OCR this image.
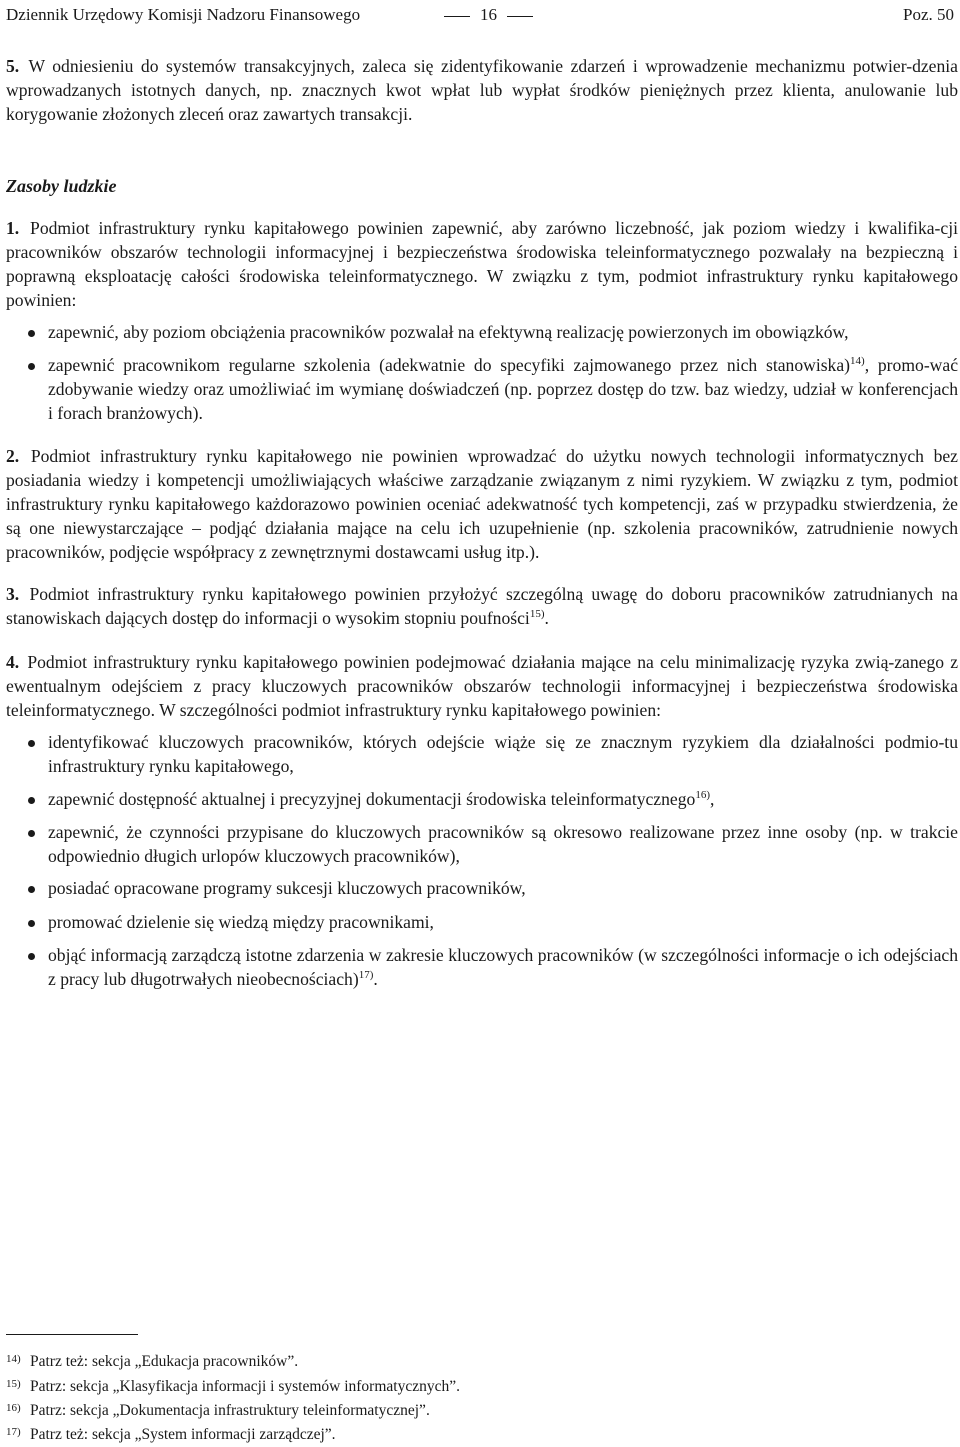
Dziennik Urzędowy Komisji Nadzoru Finansowego	16	Poz. 50
5. W odniesieniu do systemów transakcyjnych, zaleca się zidentyfikowanie zdarzeń i wprowadzenie mechanizmu potwier-dzenia wprowadzanych istotnych danych, np. znacznych kwot wpłat lub wypłat środków pieniężnych przez klienta, anulowanie lub korygowanie złożonych zleceń oraz zawartych transakcji.
Zasoby ludzkie
1. Podmiot infrastruktury rynku kapitałowego powinien zapewnić, aby zarówno liczebność, jak poziom wiedzy i kwalifika-cji pracowników obszarów technologii informacyjnej i bezpieczeństwa środowiska teleinformatycznego pozwalały na bezpieczną i poprawną eksploatację całości środowiska teleinformatycznego. W związku z tym, podmiot infrastruktury rynku kapitałowego powinien:
zapewnić, aby poziom obciążenia pracowników pozwalał na efektywną realizację powierzonych im obowiązków,
zapewnić pracownikom regularne szkolenia (adekwatnie do specyfiki zajmowanego przez nich stanowiska)$^{14)}$, promo-wać zdobywanie wiedzy oraz umożliwiać im wymianę doświadczeń (np. poprzez dostęp do tzw. baz wiedzy, udział w konferencjach i forach branżowych).
2. Podmiot infrastruktury rynku kapitałowego nie powinien wprowadzać do użytku nowych technologii informatycznych bez posiadania wiedzy i kompetencji umożliwiających właściwe zarządzanie związanym z nimi ryzykiem. W związku z tym, podmiot infrastruktury rynku kapitałowego każdorazowo powinien oceniać adekwatność tych kompetencji, zaś w przypadku stwierdzenia, że są one niewystarczające – podjąć działania mające na celu ich uzupełnienie (np. szkolenia pracowników, zatrudnienie nowych pracowników, podjęcie współpracy z zewnętrznymi dostawcami usług itp.).
3. Podmiot infrastruktury rynku kapitałowego powinien przyłożyć szczególną uwagę do doboru pracowników zatrudnianych na stanowiskach dających dostęp do informacji o wysokim stopniu poufności$^{15)}$.
4. Podmiot infrastruktury rynku kapitałowego powinien podejmować działania mające na celu minimalizację ryzyka zwią-zanego z ewentualnym odejściem z pracy kluczowych pracowników obszarów technologii informacyjnej i bezpieczeństwa środowiska teleinformatycznego. W szczególności podmiot infrastruktury rynku kapitałowego powinien:
identyfikować kluczowych pracowników, których odejście wiąże się ze znacznym ryzykiem dla działalności podmio-tu infrastruktury rynku kapitałowego,
zapewnić dostępność aktualnej i precyzyjnej dokumentacji środowiska teleinformatycznego$^{16)}$,
zapewnić, że czynności przypisane do kluczowych pracowników są okresowo realizowane przez inne osoby (np. w trakcie odpowiednio długich urlopów kluczowych pracowników),
posiadać opracowane programy sukcesji kluczowych pracowników,
promować dzielenie się wiedzą między pracownikami,
objąć informacją zarządczą istotne zdarzenia w zakresie kluczowych pracowników (w szczególności informacje o ich odejściach z pracy lub długotrwałych nieobecnościach)$^{17)}$.
14) Patrz też: sekcja „Edukacja pracowników”.
15) Patrz: sekcja „Klasyfikacja informacji i systemów informatycznych”.
16) Patrz: sekcja „Dokumentacja infrastruktury teleinformatycznej”.
17) Patrz też: sekcja „System informacji zarządczej”.
